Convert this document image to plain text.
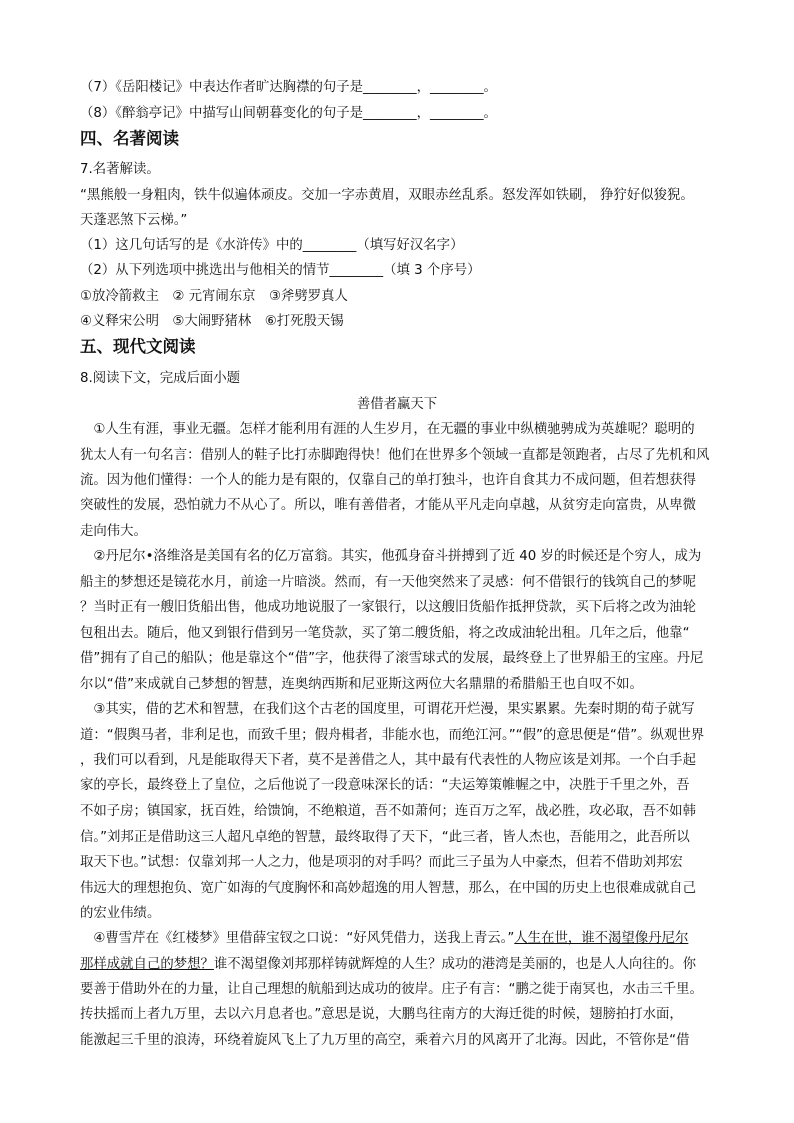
（7）《岳阳楼记》中表达作者旷达胸襟的句子是________，________。
（8）《醉翁亭记》中描写山间朝暮变化的句子是________，________。
四、名著阅读
7.名著解读。
“黑熊般一身粗肉，铁牛似遍体顽皮。交加一字赤黄眉，双眼赤丝乱系。怒发浑如铁刷， 狰狞好似狻猊。
天蓬恶煞下云梯。”
（1）这几句话写的是《水浒传》中的________（填写好汉名字）
（2）从下列选项中挑选出与他相关的情节________（填 3 个序号）
①放冷箭救主　② 元宵闹东京　③斧劈罗真人
④义释宋公明　⑤大闹野猪林　⑥打死殷天锡
五、现代文阅读
8.阅读下文，完成后面小题
善借者赢天下
　①人生有涯，事业无疆。怎样才能利用有涯的人生岁月，在无疆的事业中纵横驰骋成为英雄呢？聪明的
犹太人有一句名言：借别人的鞋子比打赤脚跑得快！他们在世界多个领域一直都是领跑者，占尽了先机和风
流。因为他们懂得：一个人的能力是有限的，仅靠自己的单打独斗，也许自食其力不成问题，但若想获得
突破性的发展，恐怕就力不从心了。所以，唯有善借者，才能从平凡走向卓越，从贫穷走向富贵，从卑微
走向伟大。
　②丹尼尔•洛维洛是美国有名的亿万富翁。其实，他孤身奋斗拼搏到了近 40 岁的时候还是个穷人，成为
船主的梦想还是镜花水月，前途一片暗淡。然而，有一天他突然来了灵感：何不借银行的钱筑自己的梦呢
？当时正有一艘旧货船出售，他成功地说服了一家银行，以这艘旧货船作抵押贷款，买下后将之改为油轮
包租出去。随后，他又到银行借到另一笔贷款，买了第二艘货船，将之改成油轮出租。几年之后，他靠“
借”拥有了自己的船队；他是靠这个“借”字，他获得了滚雪球式的发展，最终登上了世界船王的宝座。丹尼
尔以“借”来成就自己梦想的智慧，连奥纳西斯和尼亚斯这两位大名鼎鼎的希腊船王也自叹不如。
　③其实，借的艺术和智慧，在我们这个古老的国度里，可谓花开烂漫，果实累累。先秦时期的荀子就写
道：“假舆马者，非利足也，而致千里；假舟楫者，非能水也，而绝江河。”“假”的意思便是“借”。纵观世界
，我们可以看到，凡是能取得天下者，莫不是善借之人，其中最有代表性的人物应该是刘邦。一个白手起
家的亭长，最终登上了皇位，之后他说了一段意味深长的话：“夫运筹策帷幄之中，决胜于千里之外，吾
不如子房；镇国家，抚百姓，给馈饷，不绝粮道，吾不如萧何；连百万之军，战必胜，攻必取，吾不如韩
信。”刘邦正是借助这三人超凡卓绝的智慧，最终取得了天下，“此三者，皆人杰也，吾能用之，此吾所以
取天下也。”试想：仅靠刘邦一人之力，他是项羽的对手吗？而此三子虽为人中豪杰，但若不借助刘邦宏
伟远大的理想抱负、宽广如海的气度胸怀和高妙超逸的用人智慧，那么，在中国的历史上也很难成就自己
的宏业伟绩。
　④曹雪芹在《红楼梦》里借薛宝钗之口说：“好风凭借力，送我上青云。”人生在世，谁不渴望像丹尼尔
那样成就自己的梦想？谁不渴望像刘邦那样铸就辉煌的人生？成功的港湾是美丽的，也是人人向往的。你
要善于借助外在的力量，让自己理想的航船到达成功的彼岸。庄子有言：“鹏之徙于南冥也，水击三千里。
抟扶摇而上者九万里，去以六月息者也。”意思是说，大鹏鸟往南方的大海迁徙的时候，翅膀拍打水面，
能激起三千里的浪涛，环绕着旋风飞上了九万里的高空，乘着六月的风离开了北海。因此，不管你是“借
